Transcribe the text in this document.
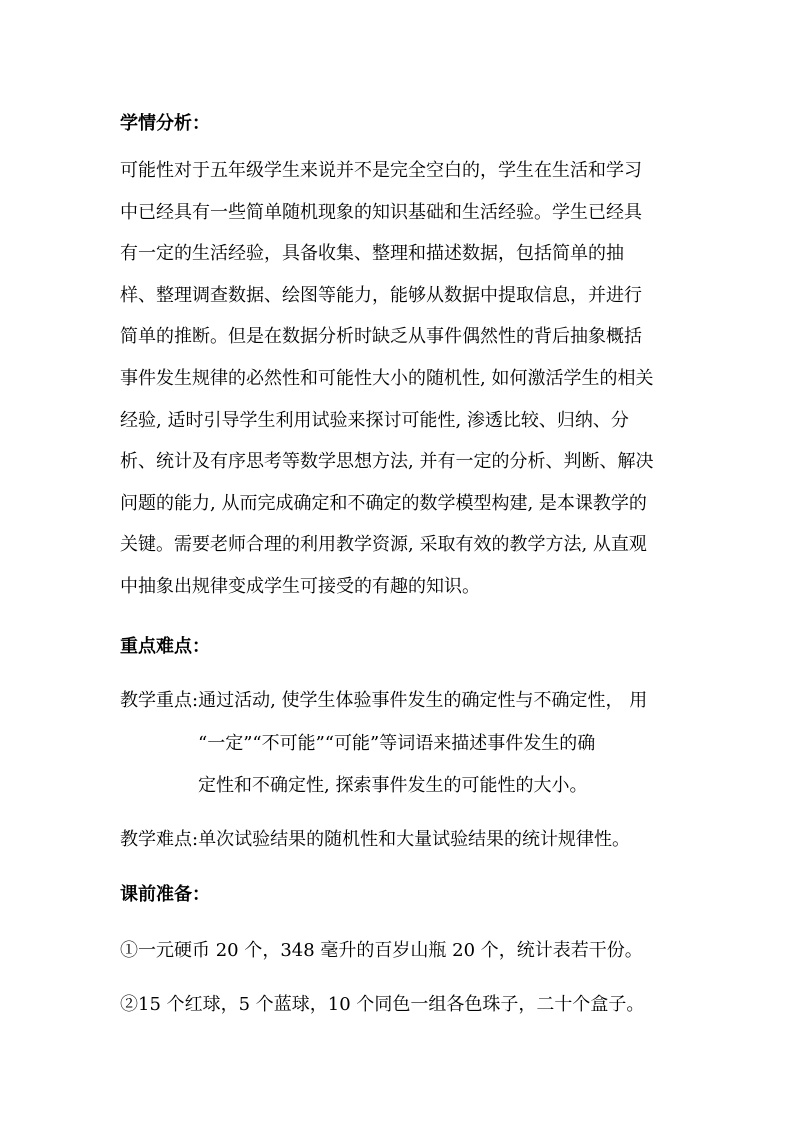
学情分析：
可能性对于五年级学生来说并不是完全空白的，学生在生活和学习
中已经具有一些简单随机现象的知识基础和生活经验。学生已经具
有一定的生活经验，具备收集、整理和描述数据，包括简单的抽
样、整理调查数据、绘图等能力，能够从数据中提取信息，并进行
简单的推断。但是在数据分析时缺乏从事件偶然性的背后抽象概括
事件发生规律的必然性和可能性大小的随机性, 如何激活学生的相关
经验, 适时引导学生利用试验来探讨可能性, 渗透比较、归纳、分
析、统计及有序思考等数学思想方法, 并有一定的分析、判断、解决
问题的能力, 从而完成确定和不确定的数学模型构建, 是本课教学的
关键。需要老师合理的利用教学资源, 采取有效的教学方法, 从直观
中抽象出规律变成学生可接受的有趣的知识。
重点难点：
教学重点:通过活动, 使学生体验事件发生的确定性与不确定性， 用
“一定”“不可能”“可能”等词语来描述事件发生的确
定性和不确定性, 探索事件发生的可能性的大小。
教学难点:单次试验结果的随机性和大量试验结果的统计规律性。
课前准备：
①一元硬币 20 个，348 毫升的百岁山瓶 20 个，统计表若干份。
②15 个红球，5 个蓝球，10 个同色一组各色珠子，二十个盒子。
